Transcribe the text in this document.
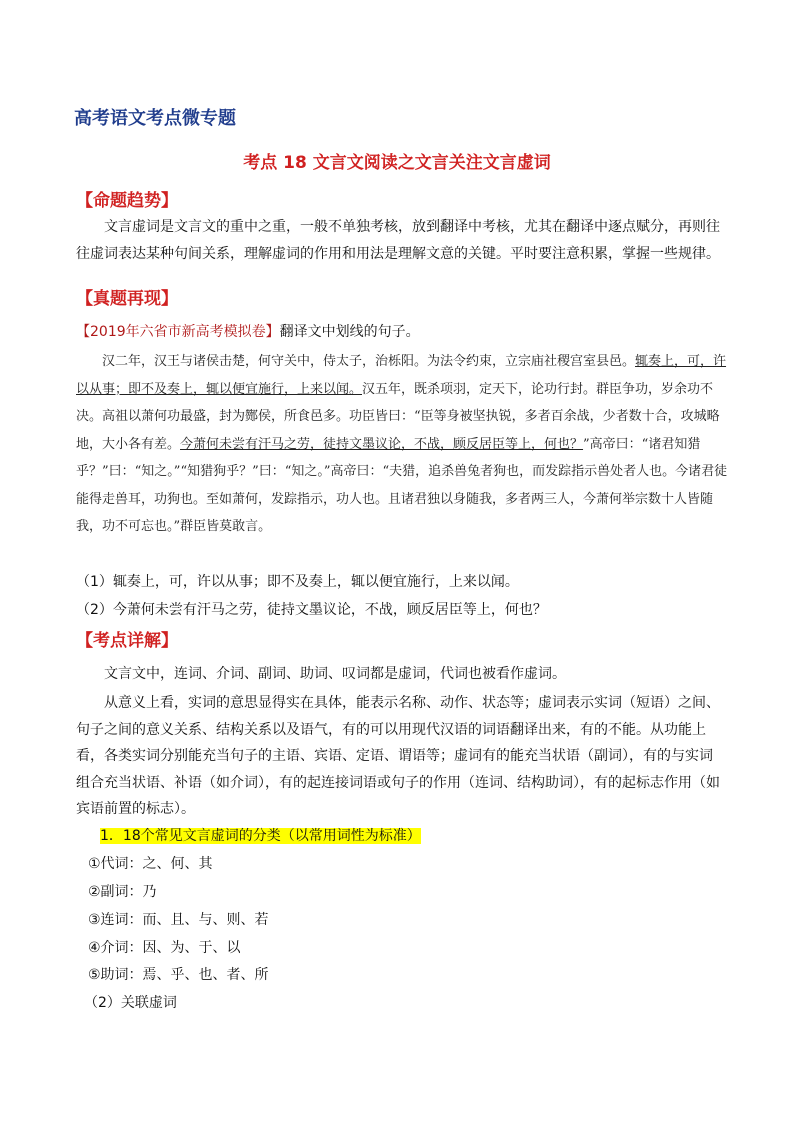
高考语文考点微专题
考点 18 文言文阅读之文言关注文言虚词
【命题趋势】
文言虚词是文言文的重中之重，一般不单独考核，放到翻译中考核，尤其在翻译中逐点赋分，再则往往虚词表达某种句间关系，理解虚词的作用和用法是理解文意的关键。平时要注意积累，掌握一些规律。
【真题再现】
【2019年六省市新高考模拟卷】翻译文中划线的句子。
汉二年，汉王与诸侯击楚，何守关中，侍太子，治栎阳。为法令约束，立宗庙社稷宫室县邑。辄奏上，可，许以从事；即不及奏上，辄以便宜施行，上来以闻。汉五年，既杀项羽，定天下，论功行封。群臣争功，岁余功不决。高祖以萧何功最盛，封为酂侯，所食邑多。功臣皆曰：“臣等身被坚执锐，多者百余战，少者数十合，攻城略地，大小各有差。今萧何未尝有汗马之劳，徒持文墨议论，不战，顾反居臣等上，何也？”高帝曰：“诸君知猎乎？”曰：“知之。”“知猎狗乎？”曰：“知之。”高帝曰：“夫猎，追杀兽兔者狗也，而发踪指示兽处者人也。今诸君徒能得走兽耳，功狗也。至如萧何，发踪指示，功人也。且诸君独以身随我，多者两三人，今萧何举宗数十人皆随我，功不可忘也。”群臣皆莫敢言。
（1）辄奏上，可，许以从事；即不及奏上，辄以便宜施行，上来以闻。
（2）今萧何未尝有汗马之劳，徒持文墨议论，不战，顾反居臣等上，何也？
【考点详解】
文言文中，连词、介词、副词、助词、叹词都是虚词，代词也被看作虚词。
从意义上看，实词的意思显得实在具体，能表示名称、动作、状态等；虚词表示实词（短语）之间、句子之间的意义关系、结构关系以及语气，有的可以用现代汉语的词语翻译出来，有的不能。从功能上看，各类实词分别能充当句子的主语、宾语、定语、谓语等；虚词有的能充当状语（副词），有的与实词组合充当状语、补语（如介词），有的起连接词语或句子的作用（连词、结构助词），有的起标志作用（如宾语前置的标志）。
1．18个常见文言虚词的分类（以常用词性为标准）
①代词：之、何、其
②副词：乃
③连词：而、且、与、则、若
④介词：因、为、于、以
⑤助词：焉、乎、也、者、所
（2）关联虚词
